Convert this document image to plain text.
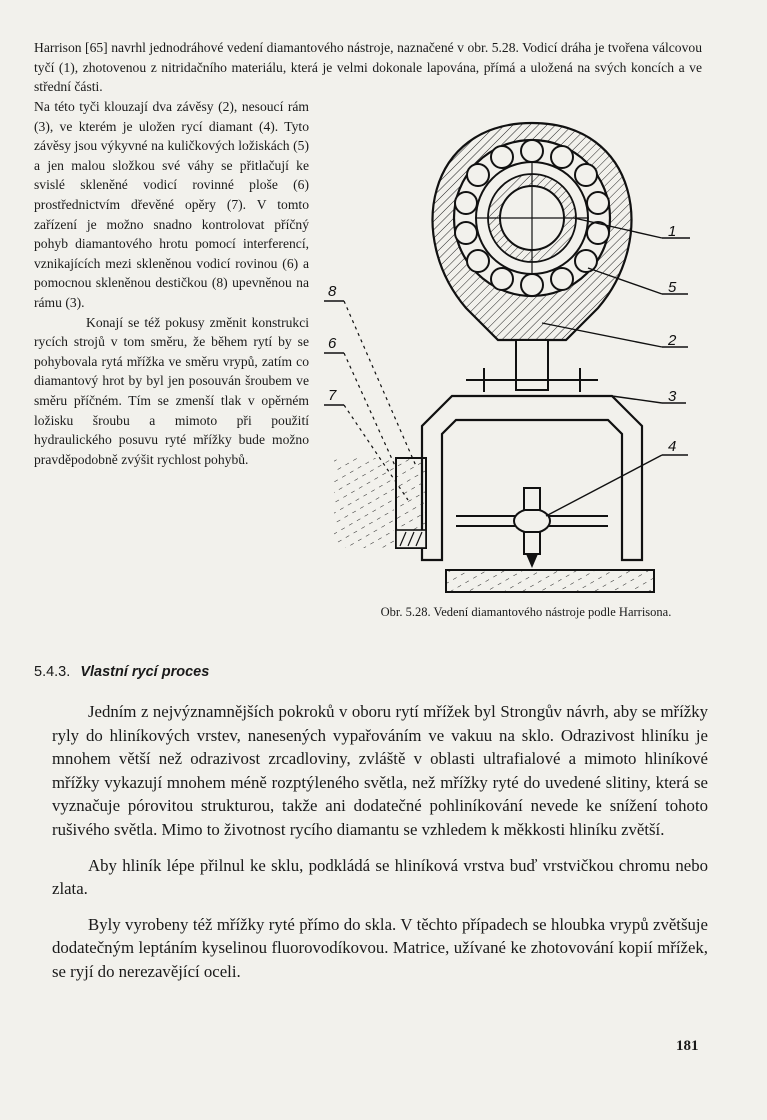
Harrison [65] navrhl jednodráhové vedení diamantového nástroje, naznačené v obr. 5.28. Vodicí dráha je tvořena válcovou tyčí (1), zhotovenou z nitridačního materiálu, která je velmi dokonale lapována, přímá a uložená na svých koncích a ve střední části.

Na této tyči klouzají dva závěsy (2), nesoucí rám (3), ve kterém je uložen rycí diamant (4). Tyto závěsy jsou výkyvné na kuličkových ložiskách (5) a jen malou složkou své váhy se přitlačují ke svislé skleněné vodicí rovinné ploše (6) prostřednictvím dřevěné opěry (7). V tomto zařízení je možno snadno kontrolovat příčný pohyb diamantového hrotu pomocí interferencí, vznikajících mezi skleněnou vodicí rovinou (6) a pomocnou skleněnou destičkou (8) upevněnou na rámu (3).

Konají se též pokusy změnit konstrukci rycích strojů v tom směru, že během rytí by se pohybovala rytá mřížka ve směru vrypů, zatím co diamantový hrot by byl jen posouván šroubem ve směru příčném. Tím se zmenší tlak v opěrném ložisku šroubu a mimoto při použití hydraulického posuvu ryté mřížky bude možno pravděpodobně zvýšit rychlost pohybů.

1
5
2
3
4
8
6
7
Obr. 5.28. Vedení diamantového nástroje podle Harrisona.
5.4.3. Vlastní rycí proces

Jedním z nejvýznamnějších pokroků v oboru rytí mřížek byl Strongův návrh, aby se mřížky ryly do hliníkových vrstev, nanesených vypařováním ve vakuu na sklo. Odrazivost hliníku je mnohem větší než odrazivost zrcadloviny, zvláště v oblasti ultrafialové a mimoto hliníkové mřížky vykazují mnohem méně rozptýleného světla, než mřížky ryté do uvedené slitiny, která se vyznačuje pórovitou strukturou, takže ani dodatečné pohliníkování nevede ke snížení tohoto rušivého světla. Mimo to životnost rycího diamantu se vzhledem k měkkosti hliníku zvětší.

Aby hliník lépe přilnul ke sklu, podkládá se hliníková vrstva buď vrstvičkou chromu nebo zlata.

Byly vyrobeny též mřížky ryté přímo do skla. V těchto případech se hloubka vrypů zvětšuje dodatečným leptáním kyselinou fluorovodíkovou. Matrice, užívané ke zhotovování kopií mřížek, se ryjí do nerezavějící oceli.

181
